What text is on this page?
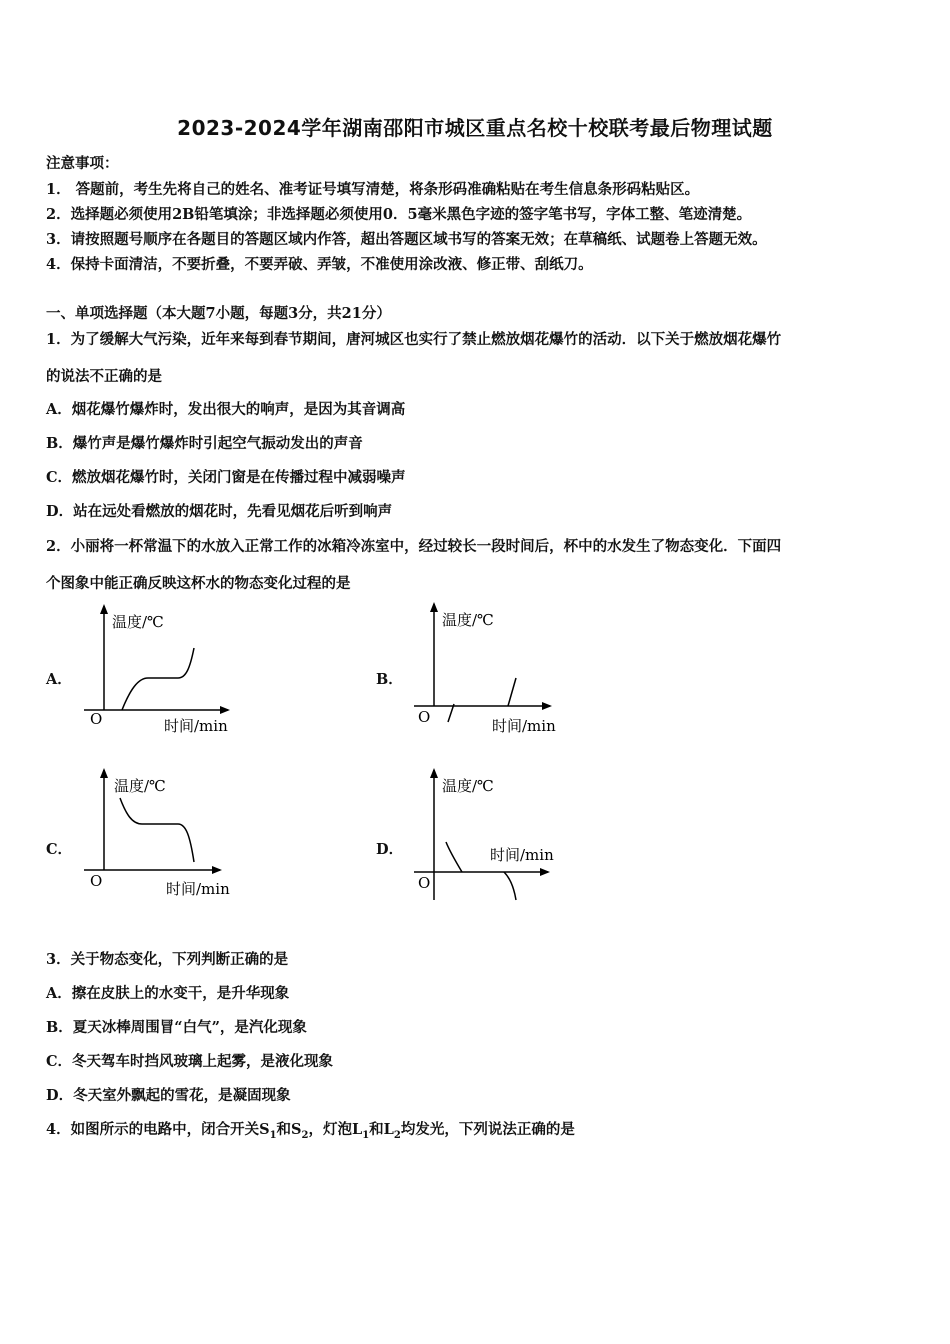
2023-2024学年湖南邵阳市城区重点名校十校联考最后物理试题
注意事项：
1． 答题前，考生先将自己的姓名、准考证号填写清楚，将条形码准确粘贴在考生信息条形码粘贴区。
2．选择题必须使用2B铅笔填涂；非选择题必须使用0．5毫米黑色字迹的签字笔书写，字体工整、笔迹清楚。
3．请按照题号顺序在各题目的答题区域内作答，超出答题区域书写的答案无效；在草稿纸、试题卷上答题无效。
4．保持卡面清洁，不要折叠，不要弄破、弄皱，不准使用涂改液、修正带、刮纸刀。
一、单项选择题（本大题7小题，每题3分，共21分）
1．为了缓解大气污染，近年来每到春节期间，唐河城区也实行了禁止燃放烟花爆竹的活动．以下关于燃放烟花爆竹
的说法不正确的是
A．烟花爆竹爆炸时，发出很大的响声，是因为其音调高
B．爆竹声是爆竹爆炸时引起空气振动发出的声音
C．燃放烟花爆竹时，关闭门窗是在传播过程中减弱噪声
D．站在远处看燃放的烟花时，先看见烟花后听到响声
2．小丽将一杯常温下的水放入正常工作的冰箱冷冻室中，经过较长一段时间后，杯中的水发生了物态变化．下面四
个图象中能正确反映这杯水的物态变化过程的是
A．
温度/℃
时间/min
O
B．
温度/℃
时间/min
O
C．
温度/℃
时间/min
O
D．
温度/℃
时间/min
O
3．关于物态变化，下列判断正确的是
A．擦在皮肤上的水变干，是升华现象
B．夏天冰棒周围冒“白气”，是汽化现象
C．冬天驾车时挡风玻璃上起雾，是液化现象
D．冬天室外飘起的雪花，是凝固现象
4．如图所示的电路中，闭合开关$S_1$和$S_2$，灯泡$L_1$和$L_2$均发光，下列说法正确的是
